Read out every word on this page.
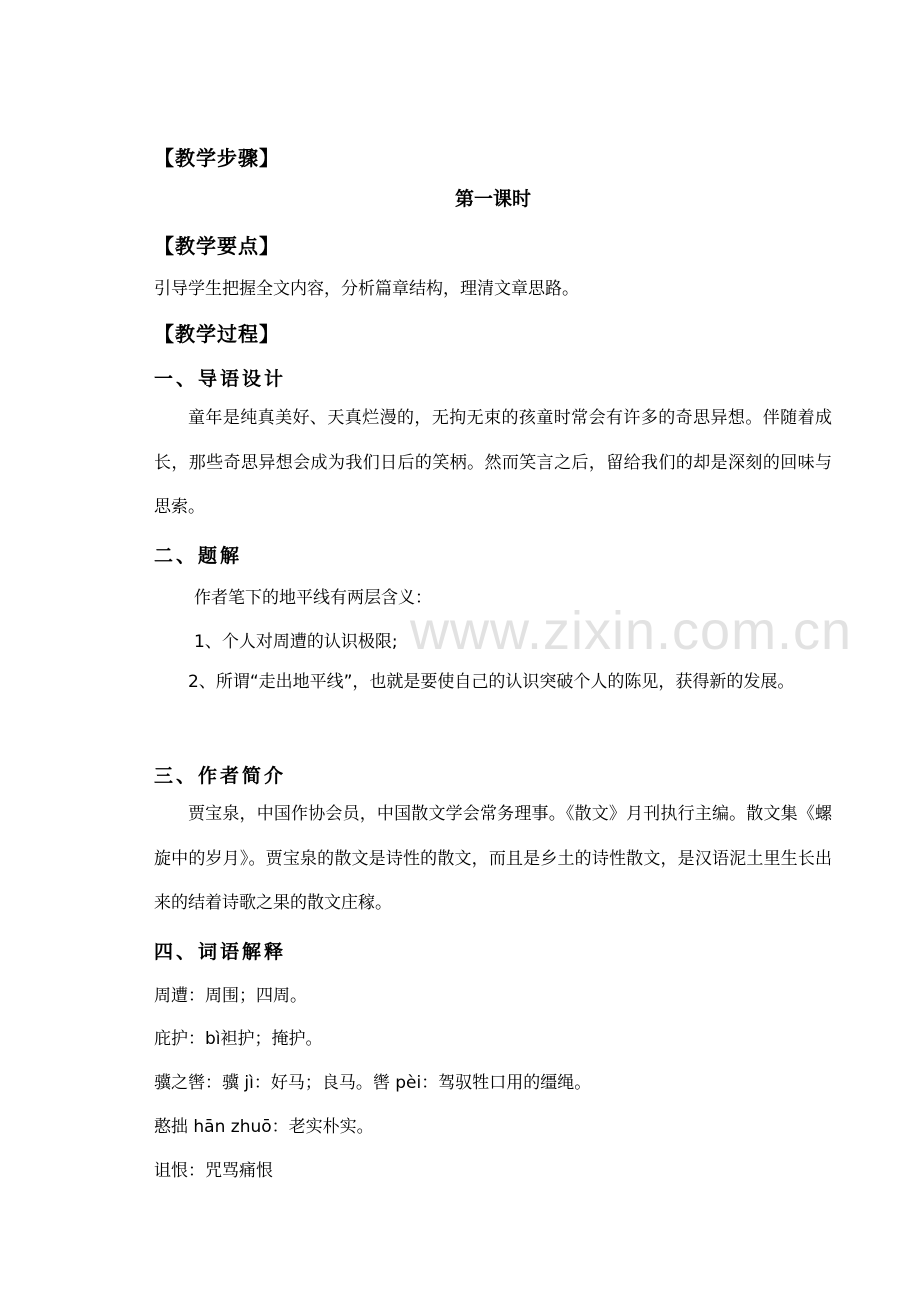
www.zixin.com.cn
【教学步骤】
第一课时
【教学要点】
引导学生把握全文内容，分析篇章结构，理清文章思路。
【教学过程】
一、导语设计
童年是纯真美好、天真烂漫的，无拘无束的孩童时常会有许多的奇思异想。伴随着成长，那些奇思异想会成为我们日后的笑柄。然而笑言之后，留给我们的却是深刻的回味与思索。
二、题解
作者笔下的地平线有两层含义：
1、个人对周遭的认识极限;
2、所谓“走出地平线”，也就是要使自己的认识突破个人的陈见，获得新的发展。
三、作者简介
贾宝泉，中国作协会员，中国散文学会常务理事。《散文》月刊执行主编。散文集《螺旋中的岁月》。贾宝泉的散文是诗性的散文，而且是乡土的诗性散文，是汉语泥土里生长出来的结着诗歌之果的散文庄稼。
四、词语解释
周遭：周围；四周。
庇护：bì袒护；掩护。
骥之辔：骥 jì：好马；良马。辔 pèi：驾驭牲口用的缰绳。
憨拙 hān zhuō：老实朴实。
诅恨：咒骂痛恨
